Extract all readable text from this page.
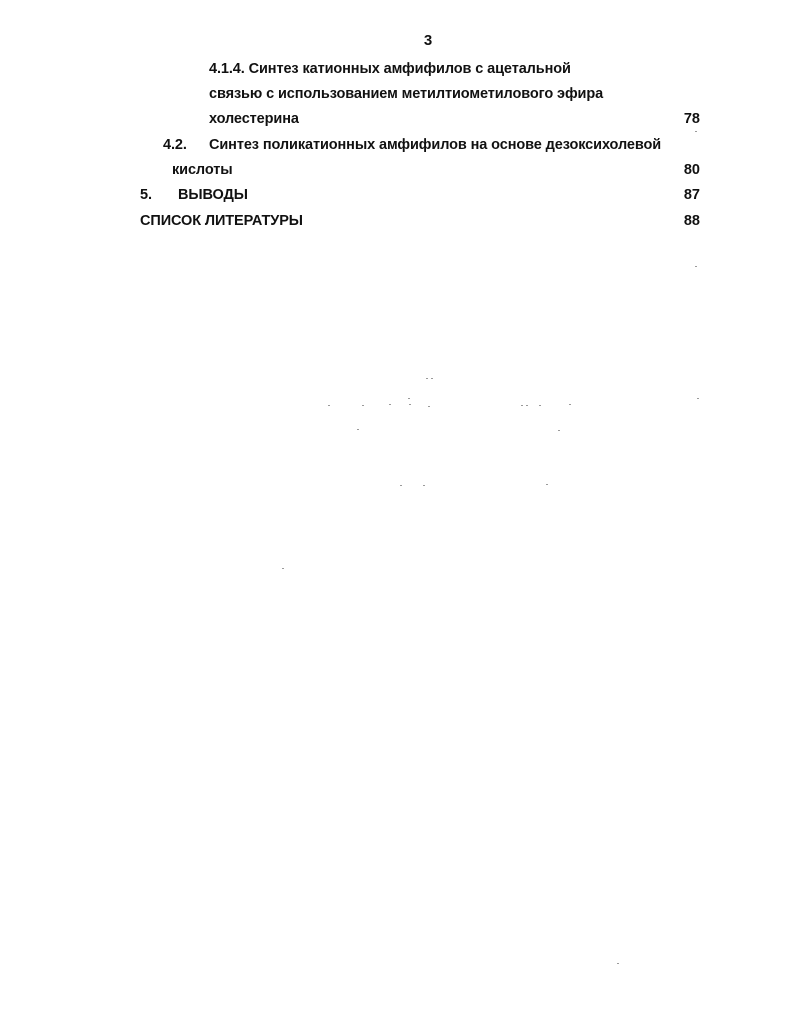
3
4.1.4. Синтез катионных амфифилов с ацетальной
связью с использованием метилтиометилового эфира
холестерина	78
4.2. Синтез поликатионных амфифилов на основе дезоксихолевой
кислоты	80
5. ВЫВОДЫ	87
СПИСОК ЛИТЕРАТУРЫ	88
